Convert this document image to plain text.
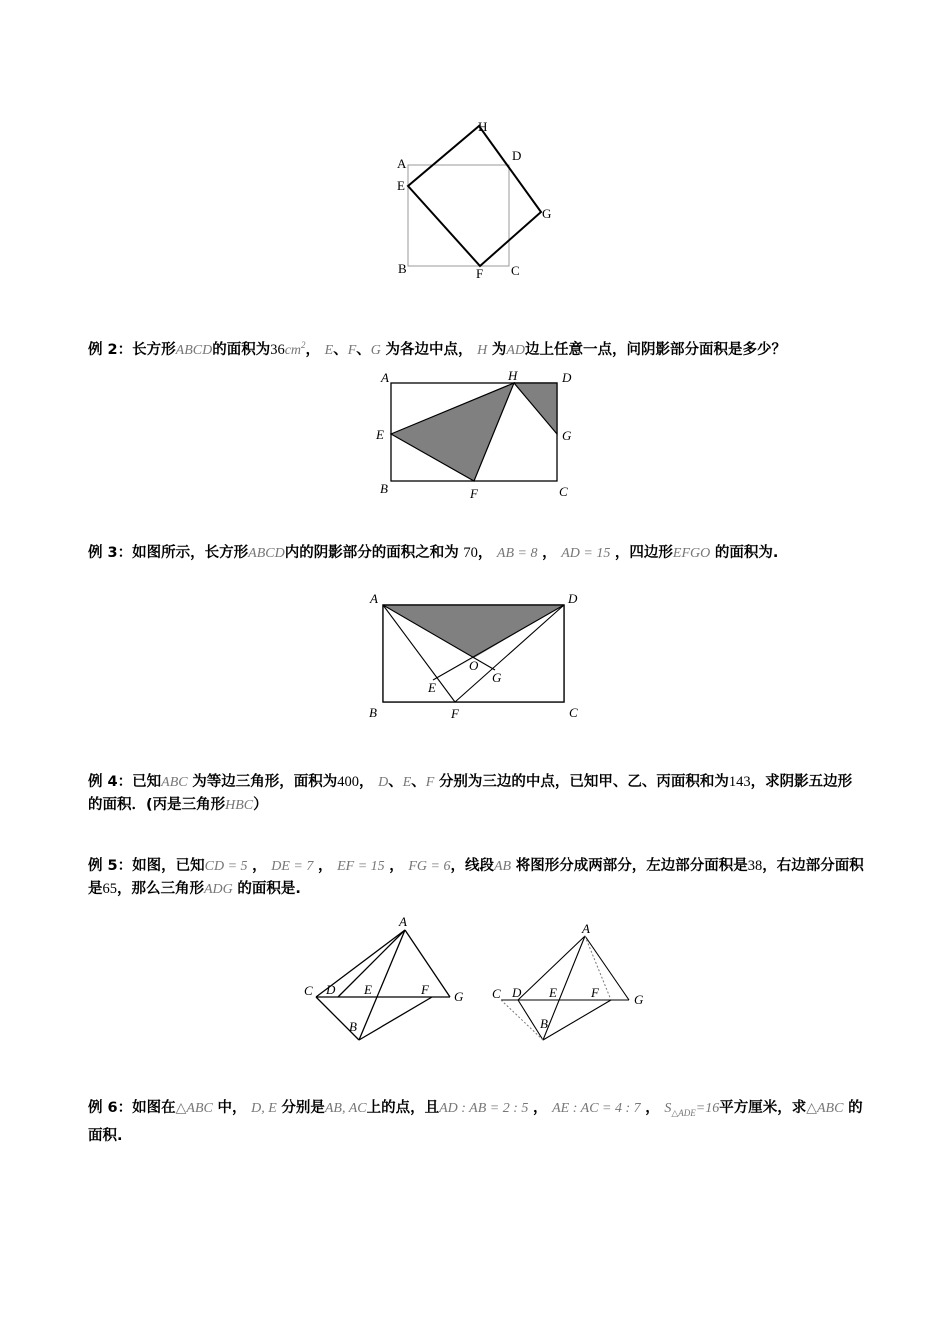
H
A
D
E
G
B	F C
例 2：长方形ABCD的面积为$36cm^2$， E、F、G 为各边中点， H 为AD边上任意一点，问阴影部分面积是多少？
A	H	D
E	G
B	F	C
例 3：如图所示，长方形ABCD内的阴影部分的面积之和为 70， AB = 8 ， AD = 15 ，四边形EFGO 的面积为.
A	D
O
G
E
B	F	C
例 4：已知ABC 为等边三角形，面积为400， D、E、F 分别为三边的中点，已知甲、乙、丙面积和为143，求阴影五边形的面积．(丙是三角形HBC）
例 5：如图，已知CD = 5 ， DE = 7 ， EF = 15 ， FG = 6，线段AB 将图形分成两部分，左边部分面积是38，右边部分面积是65，那么三角形ADG 的面积是.
A
C D E	F G
B
A
C D E	F	G
B
例 6：如图在△ABC 中， D, E 分别是AB, AC上的点，且AD : AB = 2 : 5 ， AE : AC = 4 : 7 ， $S_{\triangle ADE}=16$平方厘米，求△ABC 的面积.
